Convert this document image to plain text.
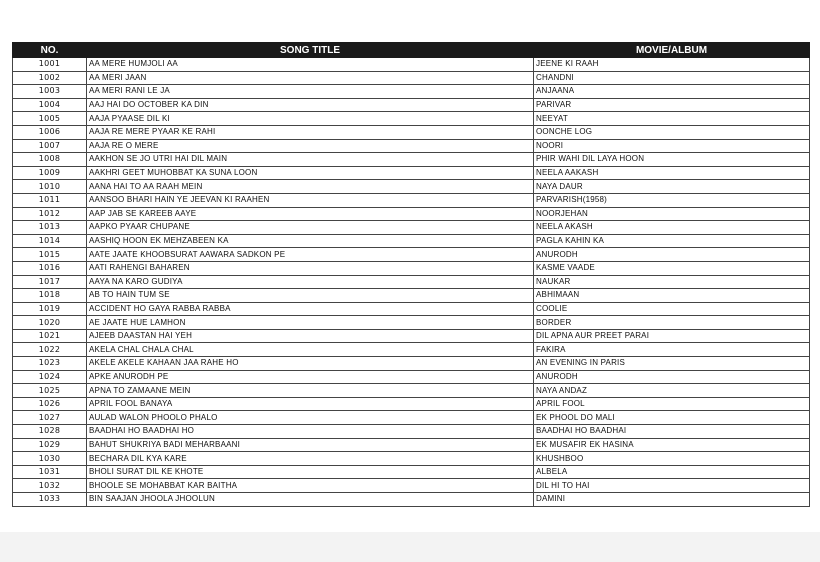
NO.	SONG TITLE	MOVIE/ALBUM
1001	AA MERE HUMJOLI AA	JEENE KI RAAH
1002	AA MERI JAAN	CHANDNI
1003	AA MERI RANI LE JA	ANJAANA
1004	AAJ HAI DO OCTOBER KA DIN	PARIVAR
1005	AAJA PYAASE DIL KI	NEEYAT
1006	AAJA RE MERE PYAAR KE RAHI	OONCHE LOG
1007	AAJA RE O MERE	NOORI
1008	AAKHON SE JO UTRI HAI DIL MAIN	PHIR WAHI DIL LAYA HOON
1009	AAKHRI GEET MUHOBBAT KA SUNA LOON	NEELA AAKASH
1010	AANA HAI TO AA RAAH MEIN	NAYA DAUR
1011	AANSOO BHARI HAIN YE JEEVAN KI RAAHEN	PARVARISH(1958)
1012	AAP JAB SE KAREEB AAYE	NOORJEHAN
1013	AAPKO PYAAR CHUPANE	NEELA AKASH
1014	AASHIQ HOON EK MEHZABEEN KA	PAGLA KAHIN KA
1015	AATE JAATE KHOOBSURAT AAWARA SADKON PE	ANURODH
1016	AATI RAHENGI BAHAREN	KASME VAADE
1017	AAYA NA KARO GUDIYA	NAUKAR
1018	AB TO HAIN TUM SE	ABHIMAAN
1019	ACCIDENT HO GAYA RABBA RABBA	COOLIE
1020	AE JAATE HUE LAMHON	BORDER
1021	AJEEB DAASTAN HAI YEH	DIL APNA AUR PREET PARAI
1022	AKELA CHAL CHALA CHAL	FAKIRA
1023	AKELE AKELE KAHAAN JAA RAHE HO	AN EVENING IN PARIS
1024	APKE ANURODH PE	ANURODH
1025	APNA TO ZAMAANE MEIN	NAYA ANDAZ
1026	APRIL FOOL BANAYA	APRIL FOOL
1027	AULAD WALON PHOOLO PHALO	EK PHOOL DO MALI
1028	BAADHAI HO BAADHAI HO	BAADHAI HO BAADHAI
1029	BAHUT SHUKRIYA BADI MEHARBAANI	EK MUSAFIR EK HASINA
1030	BECHARA DIL KYA KARE	KHUSHBOO
1031	BHOLI SURAT DIL KE KHOTE	ALBELA
1032	BHOOLE SE MOHABBAT KAR BAITHA	DIL HI TO HAI
1033	BIN SAAJAN JHOOLA JHOOLUN	DAMINI
